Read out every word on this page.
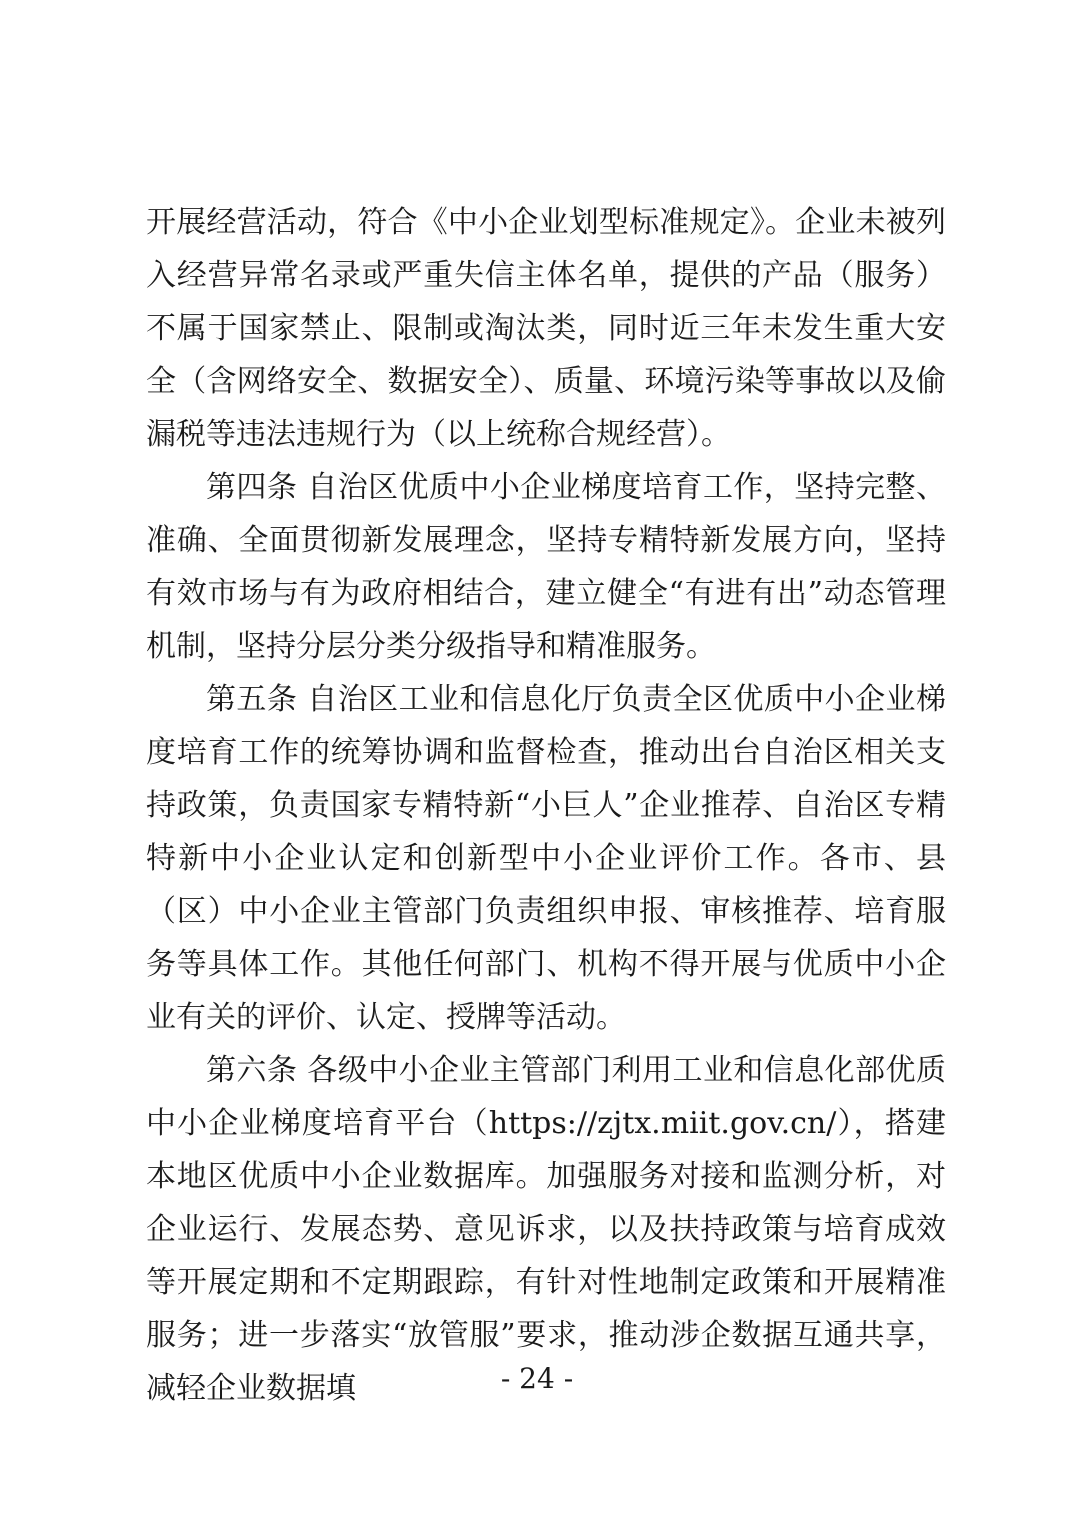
开展经营活动，符合《中小企业划型标准规定》。企业未被列入经营异常名录或严重失信主体名单，提供的产品（服务）不属于国家禁止、限制或淘汰类，同时近三年未发生重大安全（含网络安全、数据安全）、质量、环境污染等事故以及偷漏税等违法违规行为（以上统称合规经营）。

第四条 自治区优质中小企业梯度培育工作，坚持完整、准确、全面贯彻新发展理念，坚持专精特新发展方向，坚持有效市场与有为政府相结合，建立健全“有进有出”动态管理机制，坚持分层分类分级指导和精准服务。

第五条 自治区工业和信息化厅负责全区优质中小企业梯度培育工作的统筹协调和监督检查，推动出台自治区相关支持政策，负责国家专精特新“小巨人”企业推荐、自治区专精特新中小企业认定和创新型中小企业评价工作。各市、县（区）中小企业主管部门负责组织申报、审核推荐、培育服务等具体工作。其他任何部门、机构不得开展与优质中小企业有关的评价、认定、授牌等活动。

第六条 各级中小企业主管部门利用工业和信息化部优质中小企业梯度培育平台（https://zjtx.miit.gov.cn/），搭建本地区优质中小企业数据库。加强服务对接和监测分析，对企业运行、发展态势、意见诉求，以及扶持政策与培育成效等开展定期和不定期跟踪，有针对性地制定政策和开展精准服务；进一步落实“放管服”要求，推动涉企数据互通共享， 减轻企业数据填	- 24 -
